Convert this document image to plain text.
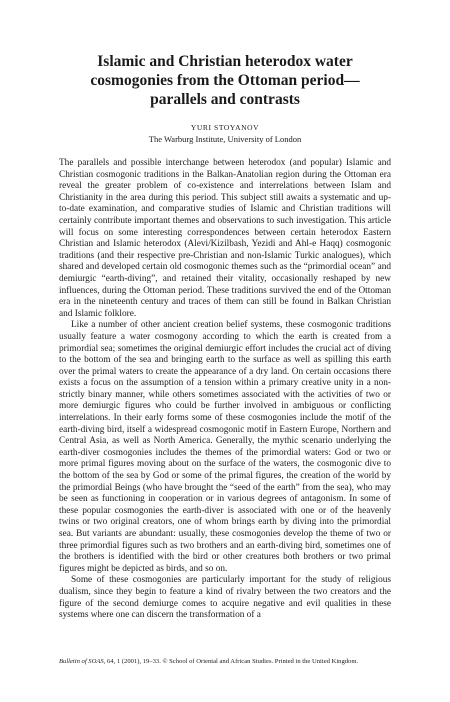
Islamic and Christian heterodox water cosmogonies from the Ottoman period— parallels and contrasts
YURI STOYANOV
The Warburg Institute, University of London
The parallels and possible interchange between heterodox (and popular) Islamic and Christian cosmogonic traditions in the Balkan-Anatolian region during the Ottoman era reveal the greater problem of co-existence and interrelations between Islam and Christianity in the area during this period. This subject still awaits a systematic and up-to-date examination, and comparative studies of Islamic and Christian traditions will certainly contribute important themes and observations to such investigation. This article will focus on some interesting correspondences between certain heterodox Eastern Christian and Islamic heterodox (Alevi/Kizilbash, Yezidi and Ahl-e Haqq) cosmogonic traditions (and their respective pre-Christian and non-Islamic Turkic analogues), which shared and developed certain old cosmogonic themes such as the “primordial ocean” and demiurgic “earth-diving”, and retained their vitality, occasionally reshaped by new influences, during the Ottoman period. These traditions survived the end of the Ottoman era in the nineteenth century and traces of them can still be found in Balkan Christian and Islamic folklore.

Like a number of other ancient creation belief systems, these cosmogonic traditions usually feature a water cosmogony according to which the earth is created from a primordial sea; sometimes the original demiurgic effort includes the crucial act of diving to the bottom of the sea and bringing earth to the surface as well as spilling this earth over the primal waters to create the appearance of a dry land. On certain occasions there exists a focus on the assumption of a tension within a primary creative unity in a non-strictly binary manner, while others sometimes associated with the activities of two or more demiurgic figures who could be further involved in ambiguous or conflicting interrelations. In their early forms some of these cosmogonies include the motif of the earth-diving bird, itself a widespread cosmogonic motif in Eastern Europe, Northern and Central Asia, as well as North America. Generally, the mythic scenario underlying the earth-diver cosmogonies includes the themes of the primordial waters: God or two or more primal figures moving about on the surface of the waters, the cosmogonic dive to the bottom of the sea by God or some of the primal figures, the creation of the world by the primordial Beings (who have brought the “seed of the earth” from the sea), who may be seen as functioning in cooperation or in various degrees of antagonism. In some of these popular cosmogonies the earth-diver is associated with one or of the heavenly twins or two original creators, one of whom brings earth by diving into the primordial sea. But variants are abundant: usually, these cosmogonies develop the theme of two or three primordial figures such as two brothers and an earth-diving bird, sometimes one of the brothers is identified with the bird or other creatures both brothers or two primal figures might be depicted as birds, and so on.

Some of these cosmogonies are particularly important for the study of religious dualism, since they begin to feature a kind of rivalry between the two creators and the figure of the second demiurge comes to acquire negative and evil qualities in these systems where one can discern the transformation of a

Bulletin of SOAS, 64, 1 (2001), 19–33. © School of Oriental and African Studies. Printed in the United Kingdom.
